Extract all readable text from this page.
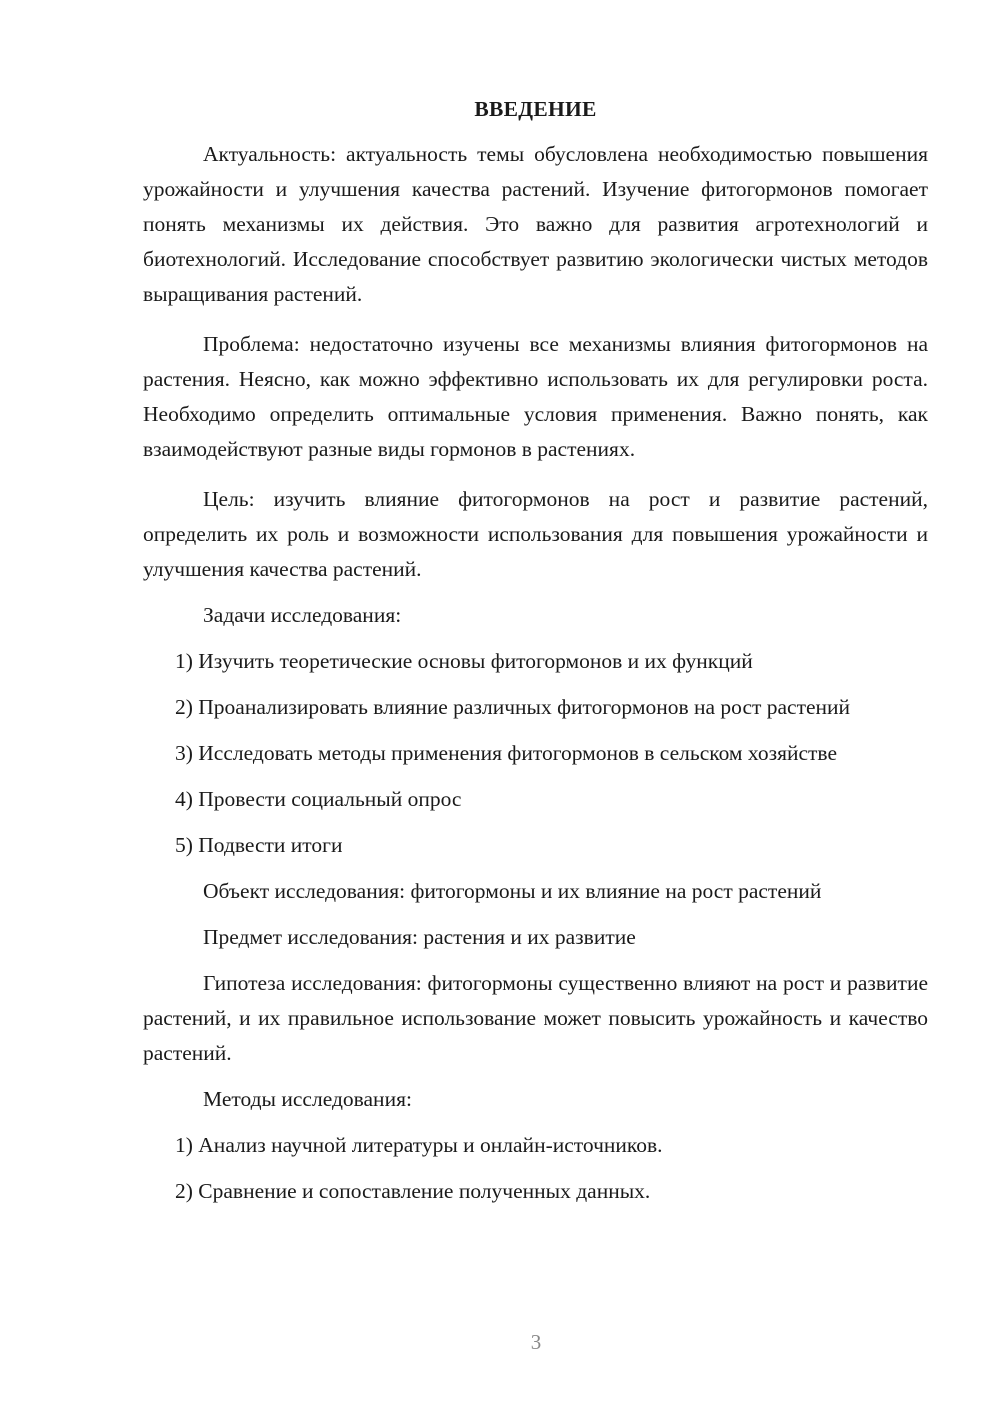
ВВЕДЕНИЕ

Актуальность: актуальность темы обусловлена необходимостью повышения урожайности и улучшения качества растений. Изучение фитогормонов помогает понять механизмы их действия. Это важно для развития агротехнологий и биотехнологий. Исследование способствует развитию экологически чистых методов выращивания растений.

Проблема: недостаточно изучены все механизмы влияния фитогормонов на растения. Неясно, как можно эффективно использовать их для регулировки роста. Необходимо определить оптимальные условия применения. Важно понять, как взаимодействуют разные виды гормонов в растениях.

Цель: изучить влияние фитогормонов на рост и развитие растений, определить их роль и возможности использования для повышения урожайности и улучшения качества растений.

Задачи исследования:

1) Изучить теоретические основы фитогормонов и их функций

2) Проанализировать влияние различных фитогормонов на рост растений

3) Исследовать методы применения фитогормонов в сельском хозяйстве

4) Провести социальный опрос

5) Подвести итоги

Объект исследования: фитогормоны и их влияние на рост растений

Предмет исследования: растения и их развитие

Гипотеза исследования: фитогормоны существенно влияют на рост и развитие растений, и их правильное использование может повысить урожайность и качество растений.

Методы исследования:

1) Анализ научной литературы и онлайн-источников.

2) Сравнение и сопоставление полученных данных.

3
